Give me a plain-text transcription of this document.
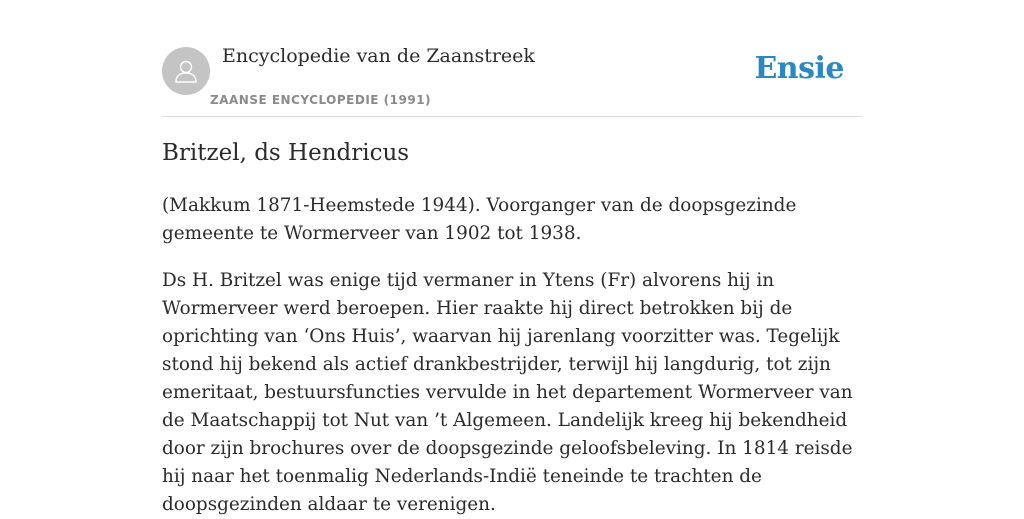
Encyclopedie van de Zaanstreek
ZAANSE ENCYCLOPEDIE (1991)
Ensie
Britzel, ds Hendricus

(Makkum 1871-Heemstede 1944). Voorganger van de doopsgezinde gemeente te Wormerveer van 1902 tot 1938.

Ds H. Britzel was enige tijd vermaner in Ytens (Fr) alvorens hij in Wormerveer werd beroepen. Hier raakte hij direct betrokken bij de oprichting van ‘Ons Huis’, waarvan hij jarenlang voorzitter was. Tegelijk stond hij bekend als actief drankbestrijder, terwijl hij langdurig, tot zijn emeritaat, bestuursfuncties vervulde in het departement Wormerveer van de Maatschappij tot Nut van ’t Algemeen. Landelijk kreeg hij bekendheid door zijn brochures over de doopsgezinde geloofsbeleving. In 1814 reisde hij naar het toenmalig Nederlands-Indië teneinde te trachten de doopsgezinden aldaar te verenigen.
